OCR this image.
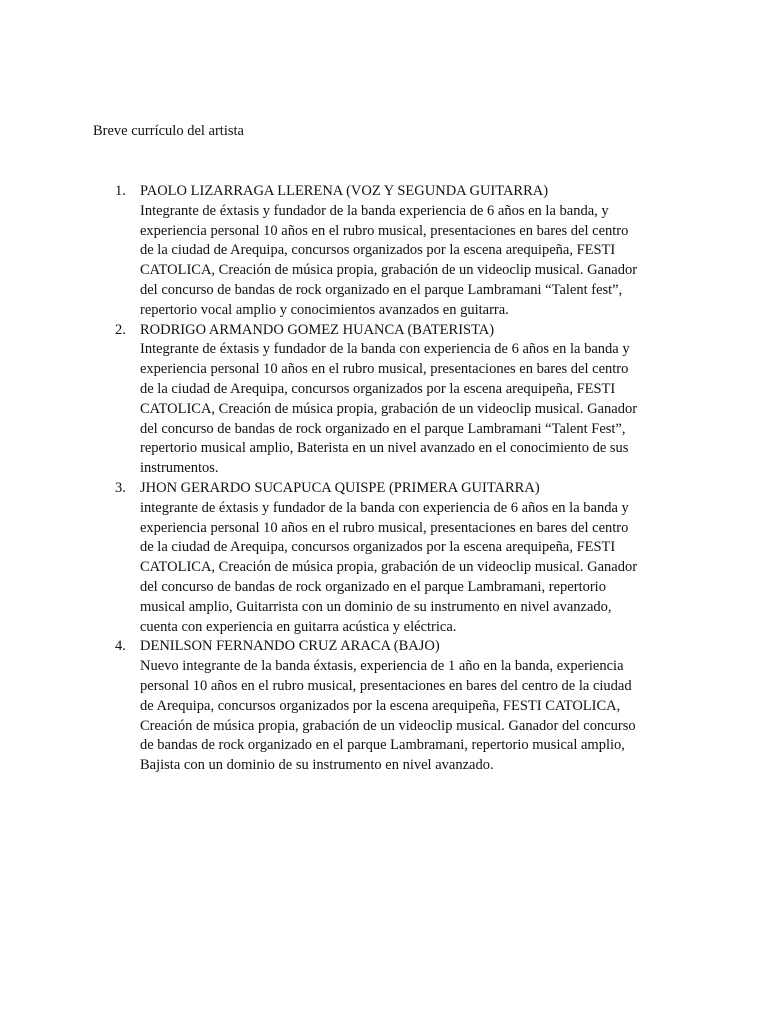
Breve currículo del artista
1. PAOLO LIZARRAGA LLERENA (VOZ Y SEGUNDA GUITARRA)
Integrante de éxtasis y fundador de la banda experiencia de 6 años en la banda, y
experiencia personal 10 años en el rubro musical, presentaciones en bares del centro
de la ciudad de Arequipa, concursos organizados por la escena arequipeña, FESTI
CATOLICA, Creación de música propia, grabación de un videoclip musical. Ganador
del concurso de bandas de rock organizado en el parque Lambramani “Talent fest”,
repertorio vocal amplio y conocimientos avanzados en guitarra.
2. RODRIGO ARMANDO GOMEZ HUANCA (BATERISTA)
Integrante de éxtasis y fundador de la banda con experiencia de 6 años en la banda y
experiencia personal 10 años en el rubro musical, presentaciones en bares del centro
de la ciudad de Arequipa, concursos organizados por la escena arequipeña, FESTI
CATOLICA, Creación de música propia, grabación de un videoclip musical. Ganador
del concurso de bandas de rock organizado en el parque Lambramani “Talent Fest”,
repertorio musical amplio, Baterista en un nivel avanzado en el conocimiento de sus
instrumentos.
3. JHON GERARDO SUCAPUCA QUISPE (PRIMERA GUITARRA)
integrante de éxtasis y fundador de la banda con experiencia de 6 años en la banda y
experiencia personal 10 años en el rubro musical, presentaciones en bares del centro
de la ciudad de Arequipa, concursos organizados por la escena arequipeña, FESTI
CATOLICA, Creación de música propia, grabación de un videoclip musical. Ganador
del concurso de bandas de rock organizado en el parque Lambramani, repertorio
musical amplio, Guitarrista con un dominio de su instrumento en nivel avanzado,
cuenta con experiencia en guitarra acústica y eléctrica.
4. DENILSON FERNANDO CRUZ ARACA (BAJO)
Nuevo integrante de la banda éxtasis, experiencia de 1 año en la banda, experiencia
personal 10 años en el rubro musical, presentaciones en bares del centro de la ciudad
de Arequipa, concursos organizados por la escena arequipeña, FESTI CATOLICA,
Creación de música propia, grabación de un videoclip musical. Ganador del concurso
de bandas de rock organizado en el parque Lambramani, repertorio musical amplio,
Bajista con un dominio de su instrumento en nivel avanzado.
